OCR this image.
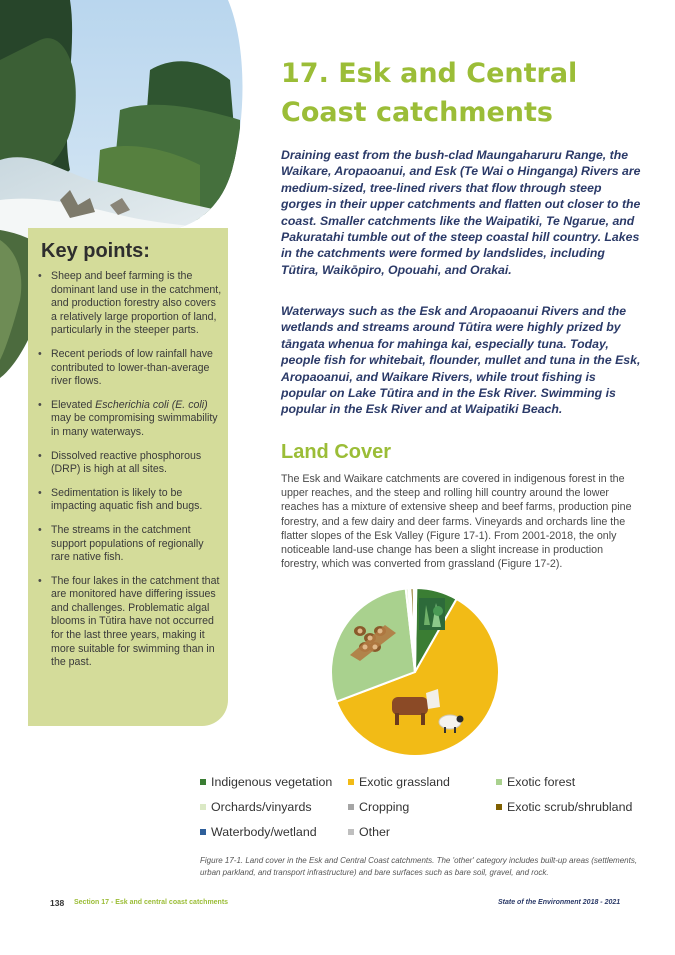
Key points:
• Sheep and beef farming is the dominant land use in the catchment, and production forestry also covers a relatively large proportion of land, particularly in the steeper parts.
• Recent periods of low rainfall have contributed to lower-than-average river flows.
• Elevated Escherichia coli (E. coli) may be compromising swimmability in many waterways.
• Dissolved reactive phosphorous (DRP) is high at all sites.
• Sedimentation is likely to be impacting aquatic fish and bugs.
• The streams in the catchment support populations of regionally rare native fish.
• The four lakes in the catchment that are monitored have differing issues and challenges. Problematic algal blooms in Tūtira have not occurred for the last three years, making it more suitable for swimming than in the past.
17. Esk and Central Coast catchments

Draining east from the bush-clad Maungaharuru Range, the Waikare, Aropaoanui, and Esk (Te Wai o Hinganga) Rivers are medium-sized, tree-lined rivers that flow through steep gorges in their upper catchments and flatten out closer to the coast. Smaller catchments like the Waipatiki, Te Ngarue, and Pakuratahi tumble out of the steep coastal hill country. Lakes in the catchments were formed by landslides, including Tūtira, Waikōpiro, Opouahi, and Orakai.

Waterways such as the Esk and Aropaoanui Rivers and the wetlands and streams around Tūtira were highly prized by tāngata whenua for mahinga kai, especially tuna. Today, people fish for whitebait, flounder, mullet and tuna in the Esk, Aropaoanui, and Waikare Rivers, while trout fishing is popular on Lake Tūtira and in the Esk River. Swimming is popular in the Esk River and at Waipatiki Beach.

Land Cover

The Esk and Waikare catchments are covered in indigenous forest in the upper reaches, and the steep and rolling hill country around the lower reaches has a mixture of extensive sheep and beef farms, production pine forestry, and a few dairy and deer farms. Vineyards and orchards line the flatter slopes of the Esk Valley (Figure 17-1). From 2001-2018, the only noticeable land-use change has been a slight increase in production forestry, which was converted from grassland (Figure 17-2).

Indigenous vegetation	Exotic grassland	Exotic forest
Orchards/vinyards	Cropping	Exotic scrub/shrubland
Waterbody/wetland	Other

Figure 17-1. Land cover in the Esk and Central Coast catchments. The 'other' category includes built-up areas (settlements, urban parkland, and transport infrastructure) and bare surfaces such as bare soil, gravel, and rock.

138 Section 17 - Esk and central coast catchments	State of the Environment 2018 - 2021
